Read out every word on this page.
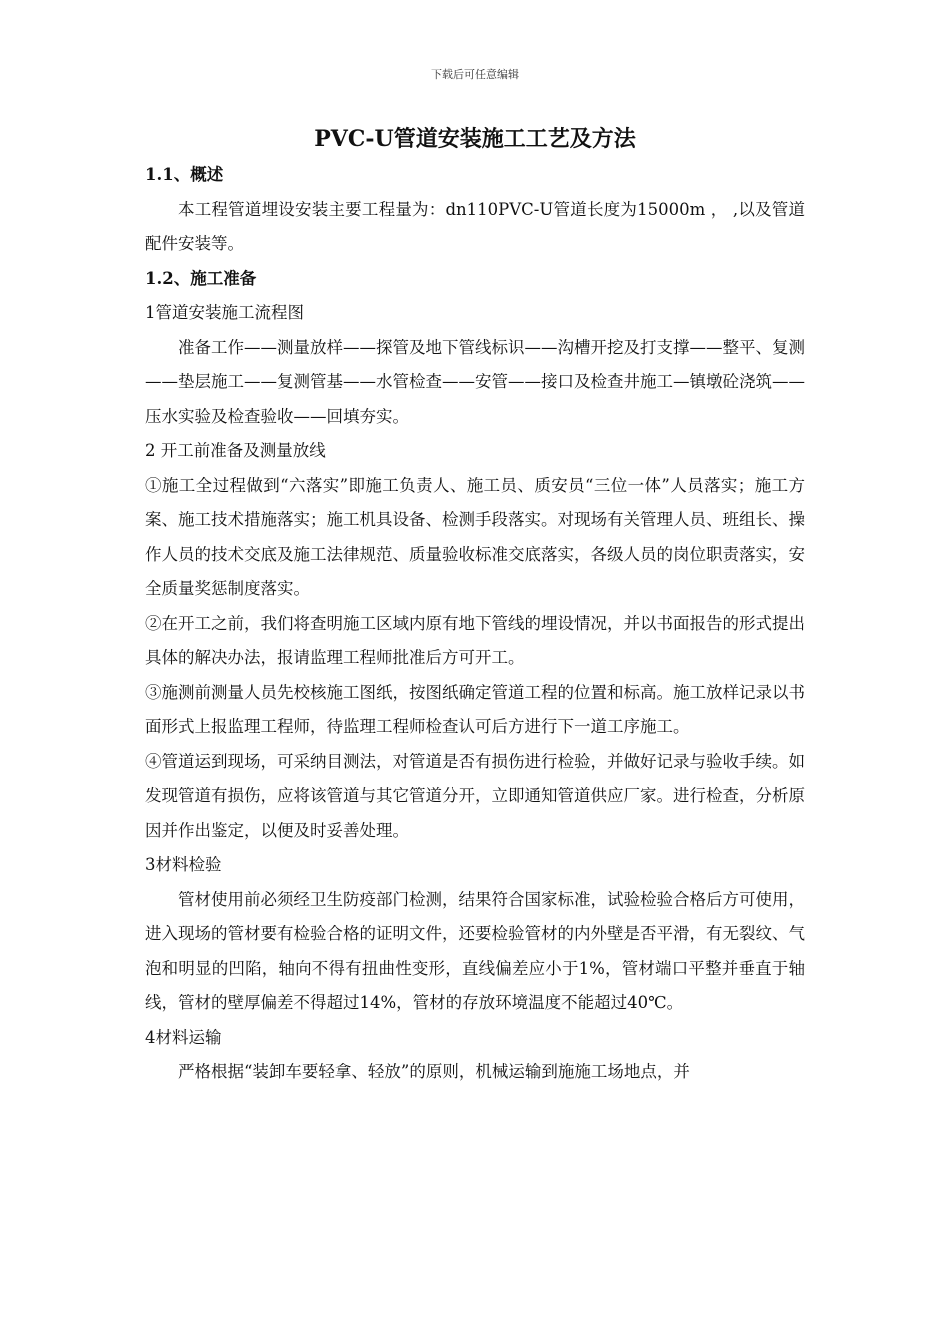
下载后可任意编辑
PVC-U管道安装施工工艺及方法

1.1、概述

本工程管道埋设安装主要工程量为：dn110PVC-U管道长度为15000m ， ,以及管道配件安装等。

1.2、施工准备

1管道安装施工流程图

准备工作——测量放样——探管及地下管线标识——沟槽开挖及打支撑——整平、复测——垫层施工——复测管基——水管检查——安管——接口及检查井施工—镇墩砼浇筑——压水实验及检查验收——回填夯实。

2 开工前准备及测量放线

①施工全过程做到“六落实”即施工负责人、施工员、质安员“三位一体”人员落实；施工方案、施工技术措施落实；施工机具设备、检测手段落实。对现场有关管理人员、班组长、操作人员的技术交底及施工法律规范、质量验收标准交底落实，各级人员的岗位职责落实，安全质量奖惩制度落实。

②在开工之前，我们将查明施工区域内原有地下管线的埋设情况，并以书面报告的形式提出具体的解决办法，报请监理工程师批准后方可开工。

③施测前测量人员先校核施工图纸，按图纸确定管道工程的位置和标高。施工放样记录以书面形式上报监理工程师，待监理工程师检查认可后方进行下一道工序施工。

④管道运到现场，可采纳目测法，对管道是否有损伤进行检验，并做好记录与验收手续。如发现管道有损伤，应将该管道与其它管道分开，立即通知管道供应厂家。进行检查，分析原因并作出鉴定，以便及时妥善处理。

3材料检验

管材使用前必须经卫生防疫部门检测，结果符合国家标准，试验检验合格后方可使用，进入现场的管材要有检验合格的证明文件，还要检验管材的内外壁是否平滑，有无裂纹、气泡和明显的凹陷，轴向不得有扭曲性变形，直线偏差应小于1%，管材端口平整并垂直于轴线，管材的壁厚偏差不得超过14%，管材的存放环境温度不能超过40℃。

4材料运输

严格根据“装卸车要轻拿、轻放”的原则，机械运输到施施工场地点，并
